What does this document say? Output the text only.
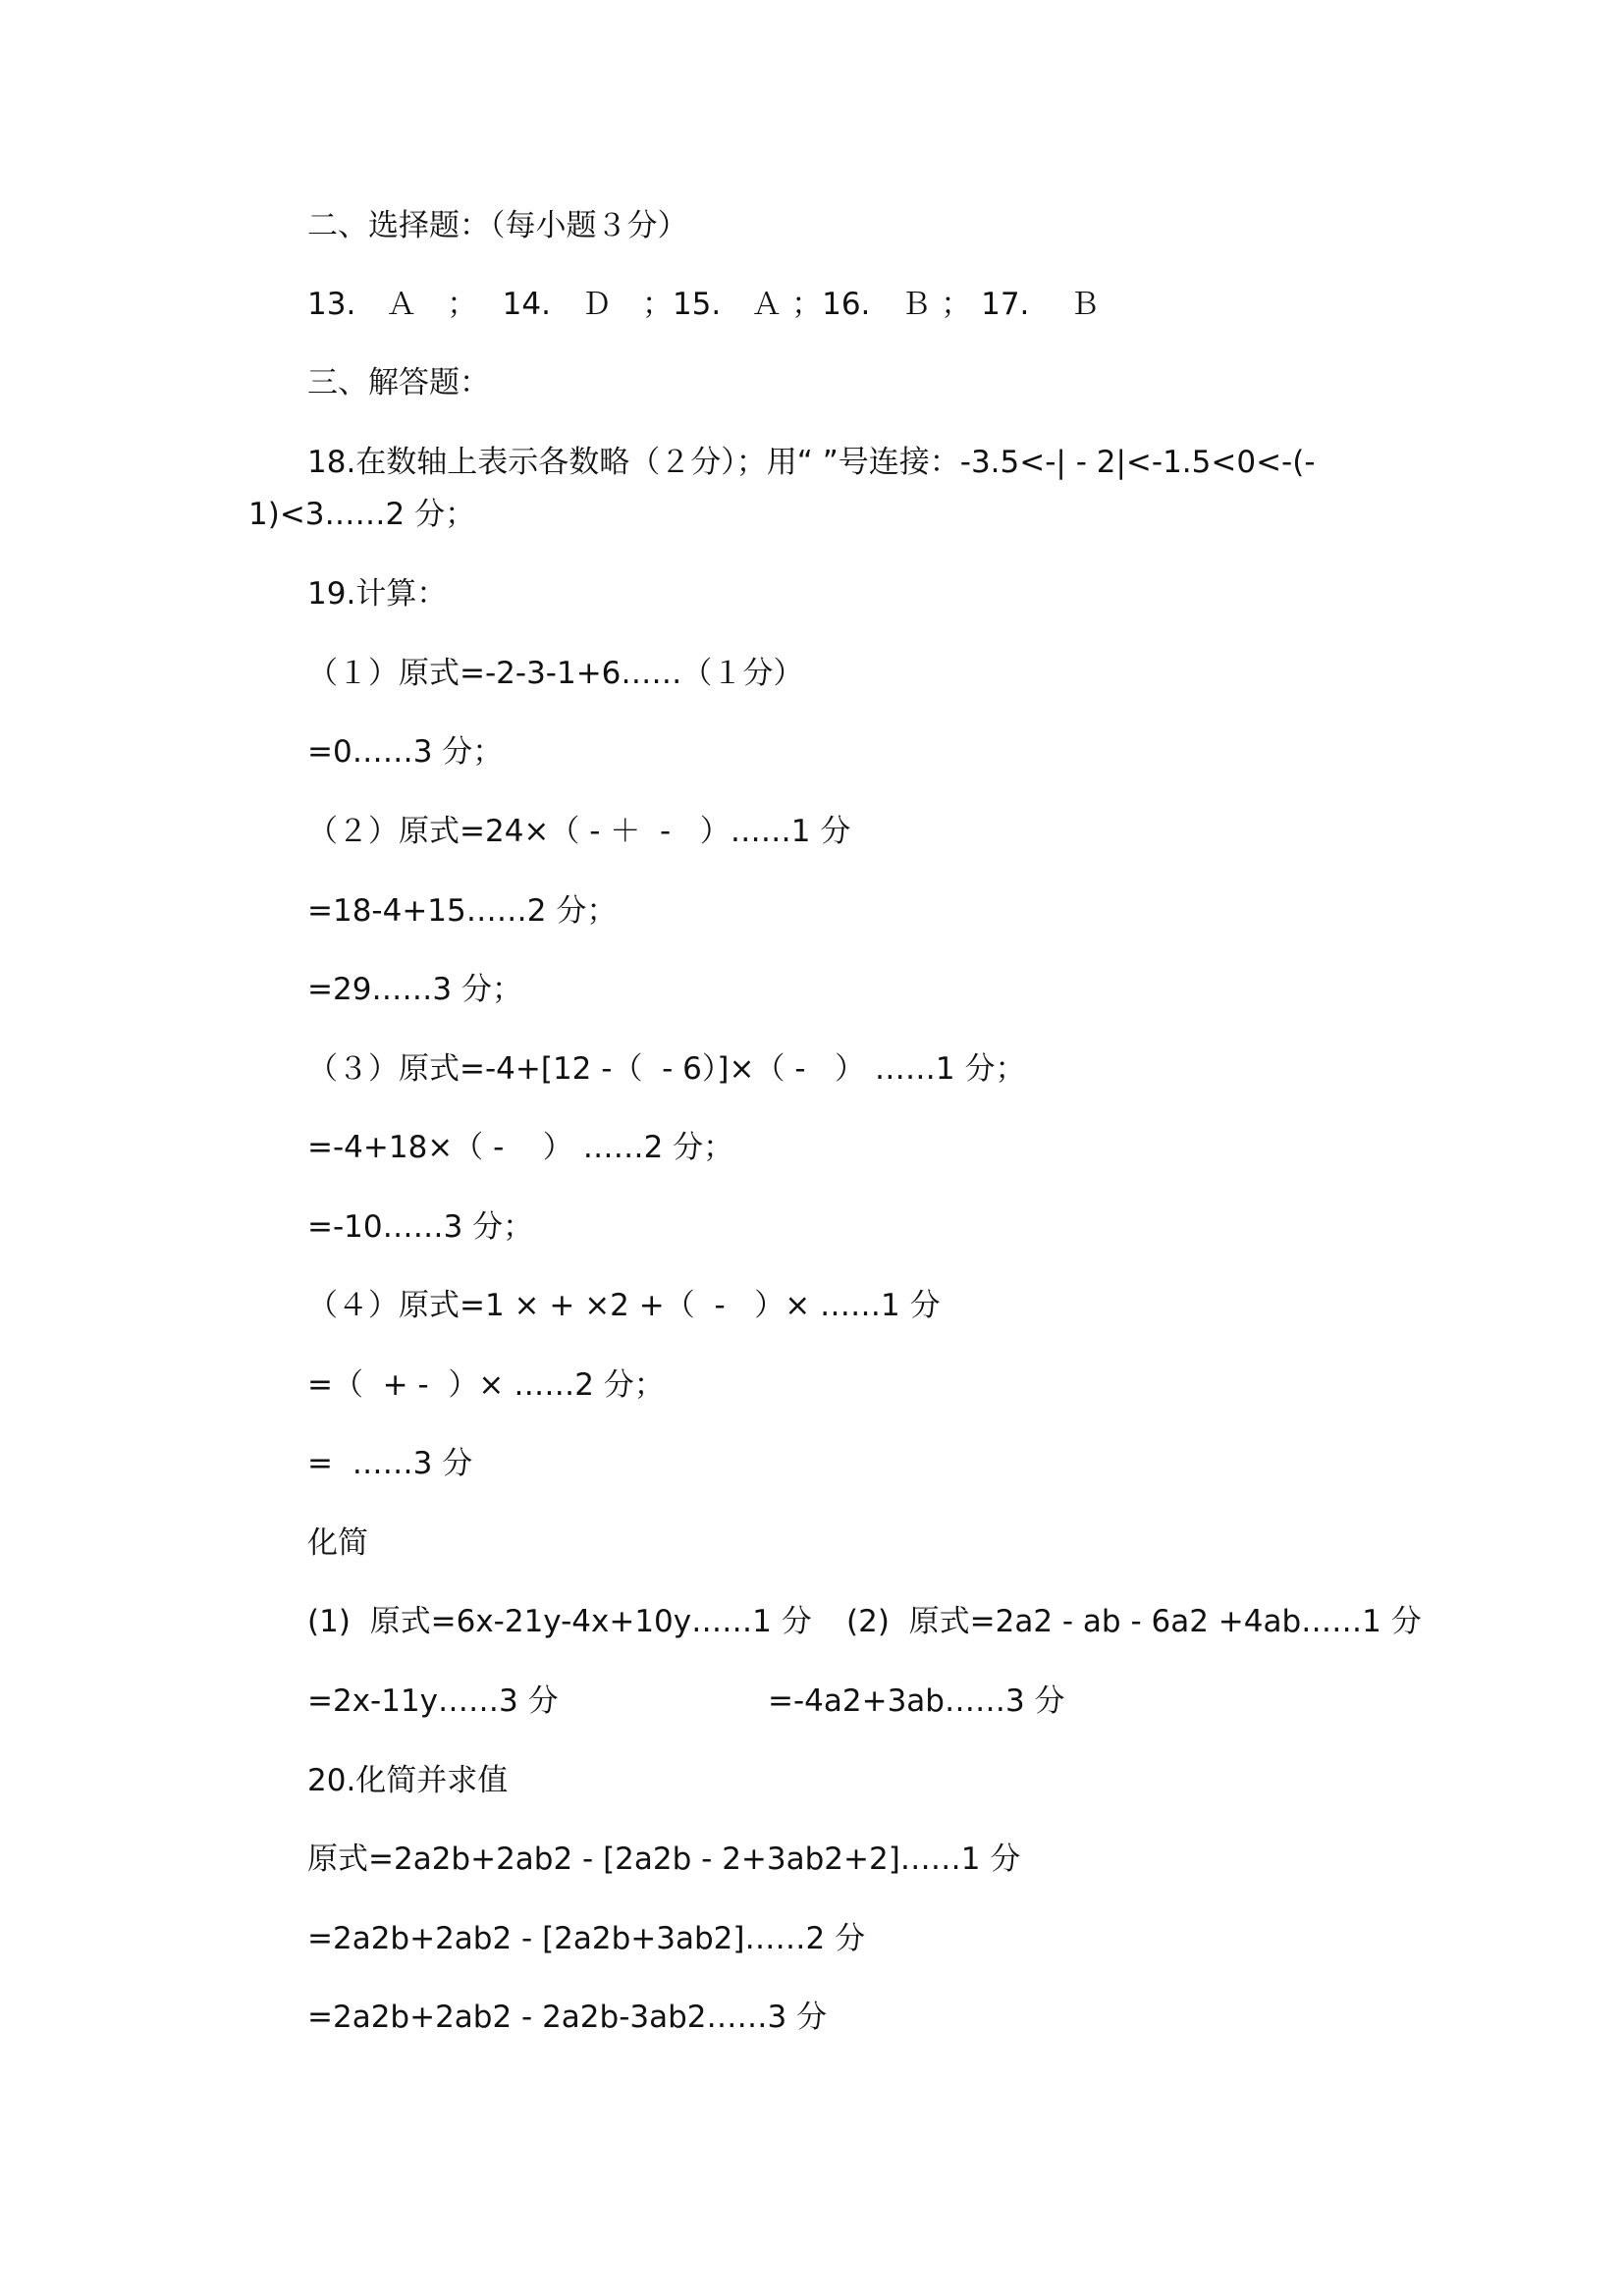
二、选择题：（每小题３分）
13.　Ａ　；　 14.　Ｄ　；15.　Ａ ；16.　Ｂ ； 17.　 Ｂ
三、解答题：
18.在数轴上表示各数略（２分）；用“ ”号连接：-3.5<-| - 2|<-1.5<0<-(-
1)<3……2 分；
19.计算：
（１）原式=-2-3-1+6……（１分）
=0……3 分；
（２）原式=24×（ - ＋  -   ）……1 分
=18-4+15……2 分；
=29……3 分；
（３）原式=-4+[12 -（  - 6）]×（ -   ） ……1 分；
=-4+18×（ -    ） ……2 分；
=-10……3 分；
（４）原式=1 × + ×2 +（  -   ）× ……1 分
=（  + -  ）× ……2 分；
=  ……3 分
化简
(1)  原式=6x-21y-4x+10y……1 分 (2)  原式=2a2 - ab - 6a2 +4ab……1 分
=2x-11y……3 分	=-4a2+3ab……3 分
20.化简并求值
原式=2a2b+2ab2 - [2a2b - 2+3ab2+2]……1 分
=2a2b+2ab2 - [2a2b+3ab2]……2 分
=2a2b+2ab2 - 2a2b-3ab2……3 分
